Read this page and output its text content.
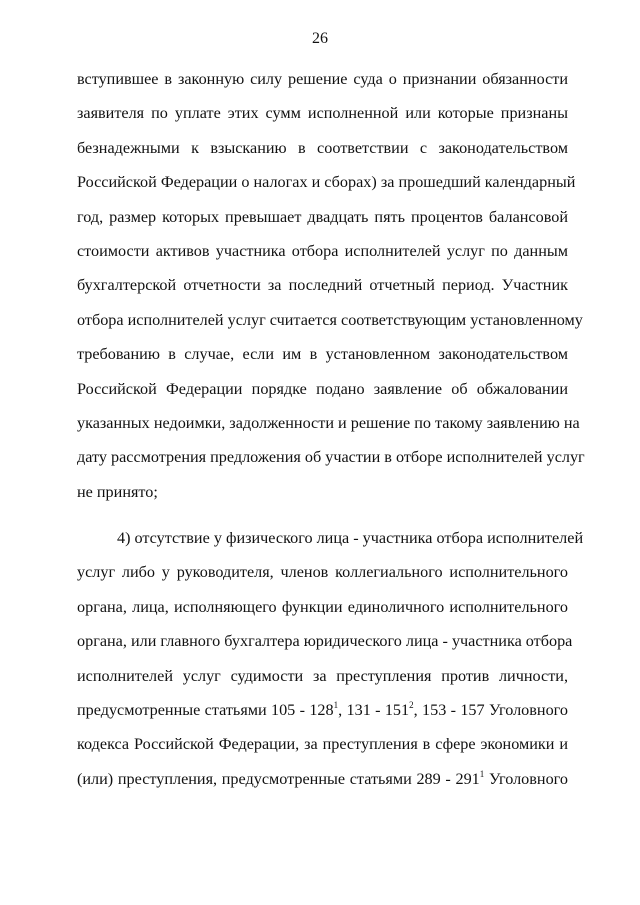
26
вступившее в законную силу решение суда о признании обязанности
заявителя по уплате этих сумм исполненной или которые признаны
безнадежными к взысканию в соответствии с законодательством
Российской Федерации о налогах и сборах) за прошедший календарный
год, размер которых превышает двадцать пять процентов балансовой
стоимости активов участника отбора исполнителей услуг по данным
бухгалтерской отчетности за последний отчетный период. Участник
отбора исполнителей услуг считается соответствующим установленному
требованию в случае, если им в установленном законодательством
Российской Федерации порядке подано заявление об обжаловании
указанных недоимки, задолженности и решение по такому заявлению на
дату рассмотрения предложения об участии в отборе исполнителей услуг
не принято;
4) отсутствие у физического лица - участника отбора исполнителей
услуг либо у руководителя, членов коллегиального исполнительного
органа, лица, исполняющего функции единоличного исполнительного
органа, или главного бухгалтера юридического лица - участника отбора
исполнителей услуг судимости за преступления против личности,
предусмотренные статьями $105 - 128^1$, $131 - 151^2$, 153 - 157 Уголовного
кодекса Российской Федерации, за преступления в сфере экономики и
(или) преступления, предусмотренные статьями $289 - 291^1$ Уголовного
